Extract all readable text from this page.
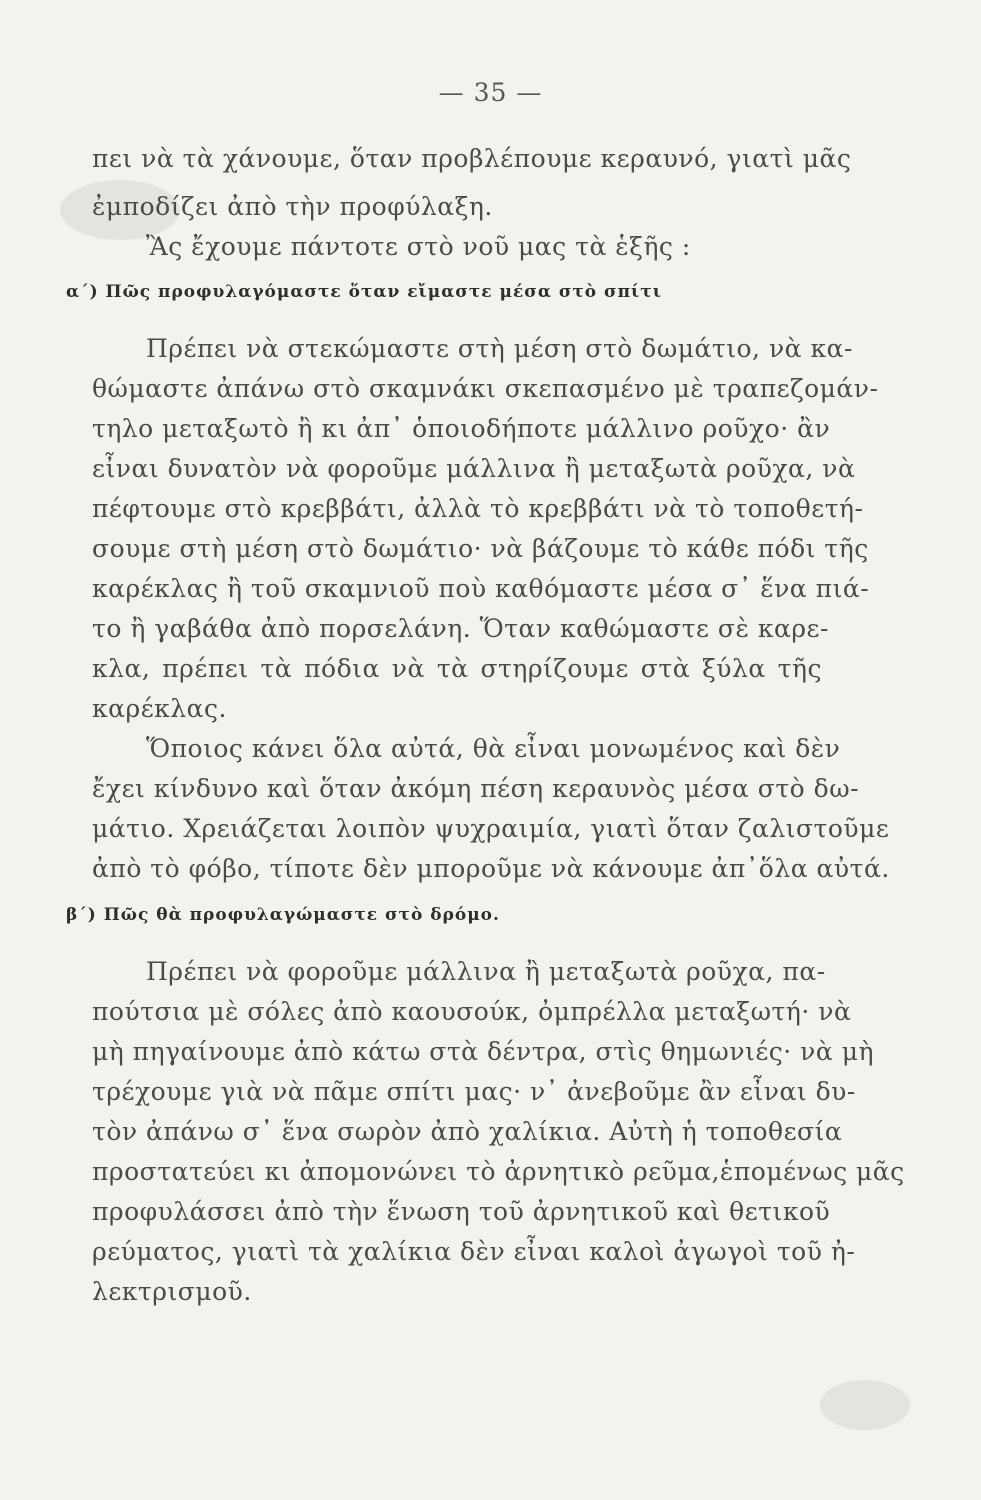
— 35 —
πει νὰ τὰ χάνουμε, ὅταν προβλέπουμε κεραυνό, γιατὶ μᾶς
ἐμποδίζει ἀπὸ τὴν προφύλαξη.
Ἂς ἔχουμε πάντοτε στὸ νοῦ μας τὰ ἑξῆς :
α΄) Πῶς προφυλαγόμαστε ὅταν εἴμαστε μέσα στὸ σπίτι
Πρέπει νὰ στεκώμαστε στὴ μέση στὸ δωμάτιο, νὰ κα-
θώμαστε ἀπάνω στὸ σκαμνάκι σκεπασμένο μὲ τραπεζομάν-
τηλο μεταξωτὸ ἢ κι ἀπ᾿ ὁποιοδήποτε μάλλινο ροῦχο· ἂν
εἶναι δυνατὸν νὰ φοροῦμε μάλλινα ἢ μεταξωτὰ ροῦχα, νὰ
πέφτουμε στὸ κρεββάτι, ἀλλὰ τὸ κρεββάτι νὰ τὸ τοποθετή-
σουμε στὴ μέση στὸ δωμάτιο· νὰ βάζουμε τὸ κάθε πόδι τῆς
καρέκλας ἢ τοῦ σκαμνιοῦ ποὺ καθόμαστε μέσα σ᾿ ἕνα πιά-
το ἢ γαβάθα ἀπὸ πορσελάνη. Ὅταν καθώμαστε σὲ καρε-
κλα, πρέπει τὰ πόδια νὰ τὰ στηρίζουμε στὰ ξύλα τῆς
καρέκλας.
Ὅποιος κάνει ὅλα αὐτά, θὰ εἶναι μονωμένος καὶ δὲν
ἔχει κίνδυνο καὶ ὅταν ἀκόμη πέση κεραυνὸς μέσα στὸ δω-
μάτιο. Χρειάζεται λοιπὸν ψυχραιμία, γιατὶ ὅταν ζαλιστοῦμε
ἀπὸ τὸ φόβο, τίποτε δὲν μποροῦμε νὰ κάνουμε ἀπ᾿ὅλα αὐτά.
β΄) Πῶς θὰ προφυλαγώμαστε στὸ δρόμο.
Πρέπει νὰ φοροῦμε μάλλινα ἢ μεταξωτὰ ροῦχα, πα-
πούτσια μὲ σόλες ἀπὸ καουσούκ, ὀμπρέλλα μεταξωτή· νὰ
μὴ πηγαίνουμε ἀπὸ κάτω στὰ δέντρα, στὶς θημωνιές· νὰ μὴ
τρέχουμε γιὰ νὰ πᾶμε σπίτι μας· ν᾿ ἀνεβοῦμε ἂν εἶναι δυ-
τὸν ἀπάνω σ᾿ ἕνα σωρὸν ἀπὸ χαλίκια. Αὐτὴ ἡ τοποθεσία
προστατεύει κι ἀπομονώνει τὸ ἀρνητικὸ ρεῦμα,ἑπομένως μᾶς
προφυλάσσει ἀπὸ τὴν ἕνωση τοῦ ἀρνητικοῦ καὶ θετικοῦ
ρεύματος, γιατὶ τὰ χαλίκια δὲν εἶναι καλοὶ ἀγωγοὶ τοῦ ἠ-
λεκτρισμοῦ.
